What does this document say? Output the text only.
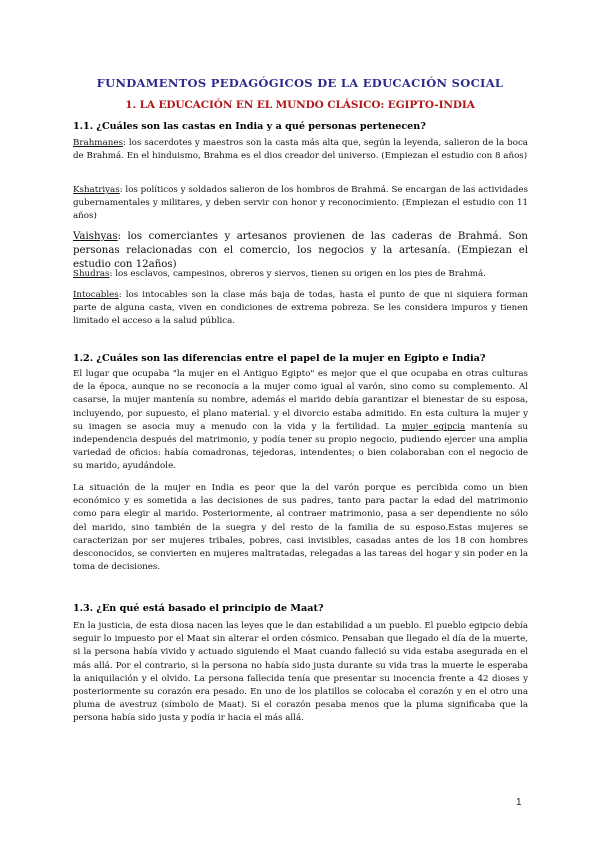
FUNDAMENTOS PEDAGÓGICOS DE LA EDUCACIÓN SOCIAL
1. LA EDUCACIÓN EN EL MUNDO CLÁSICO: EGIPTO-INDIA
1.1. ¿Cuáles son las castas en India y a qué personas pertenecen?
Brahmanes: los sacerdotes y maestros son la casta más alta que, según la leyenda, salieron de la boca de Brahmá. En el hinduismo, Brahma es el dios creador del universo. (Empiezan el estudio con 8 años)
Kshatriyas: los políticos y soldados salieron de los hombros de Brahmá. Se encargan de las actividades gubernamentales y militares, y deben servir con honor y reconocimiento. (Empiezan el estudio con 11 años)
Vaishyas: los comerciantes y artesanos provienen de las caderas de Brahmá. Son personas relacionadas con el comercio, los negocios y la artesanía. (Empiezan el estudio con 12años)
Shudras: los esclavos, campesinos, obreros y siervos, tienen su origen en los pies de Brahmá.
Intocables: los intocables son la clase más baja de todas, hasta el punto de que ni siquiera forman parte de alguna casta, viven en condiciones de extrema pobreza. Se les considera impuros y tienen limitado el acceso a la salud pública.
1.2. ¿Cuáles son las diferencias entre el papel de la mujer en Egipto e India?
El lugar que ocupaba "la mujer en el Antiguo Egipto" es mejor que el que ocupaba en otras culturas de la época, aunque no se reconocía a la mujer como igual al varón, sino como su complemento. Al casarse, la mujer mantenía su nombre, además el marido debía garantizar el bienestar de su esposa, incluyendo, por supuesto, el plano material. y el divorcio estaba admitido. En esta cultura la mujer y su imagen se asocia muy a menudo con la vida y la fertilidad. La mujer egipcia mantenía su independencia después del matrimonio, y podía tener su propio negocio, pudiendo ejercer una amplia variedad de oficios: había comadronas, tejedoras, intendentes; o bien colaboraban con el negocio de su marido, ayudándole.
La situación de la mujer en India es peor que la del varón porque es percibida como un bien económico y es sometida a las decisiones de sus padres, tanto para pactar la edad del matrimonio como para elegir al marido. Posteriormente, al contraer matrimonio, pasa a ser dependiente no sólo del marido, sino también de la suegra y del resto de la familia de su esposo.Estas mujeres se caracterizan por ser mujeres tribales, pobres, casi invisibles, casadas antes de los 18 con hombres desconocidos, se convierten en mujeres maltratadas, relegadas a las tareas del hogar y sin poder en la toma de decisiones.
1.3. ¿En qué está basado el principio de Maat?
En la justicia, de esta diosa nacen las leyes que le dan estabilidad a un pueblo. El pueblo egipcio debía seguir lo impuesto por el Maat sin alterar el orden cósmico. Pensaban que llegado el día de la muerte, si la persona había vivido y actuado siguiendo el Maat cuando falleció su vida estaba asegurada en el más allá. Por el contrario, si la persona no había sido justa durante su vida tras la muerte le esperaba la aniquilación y el olvido. La persona fallecida tenía que presentar su inocencia frente a 42 dioses y posteriormente su corazón era pesado. En uno de los platillos se colocaba el corazón y en el otro una pluma de avestruz (símbolo de Maat). Si el corazón pesaba menos que la pluma significaba que la persona había sido justa y podía ir hacia el más allá.
1
